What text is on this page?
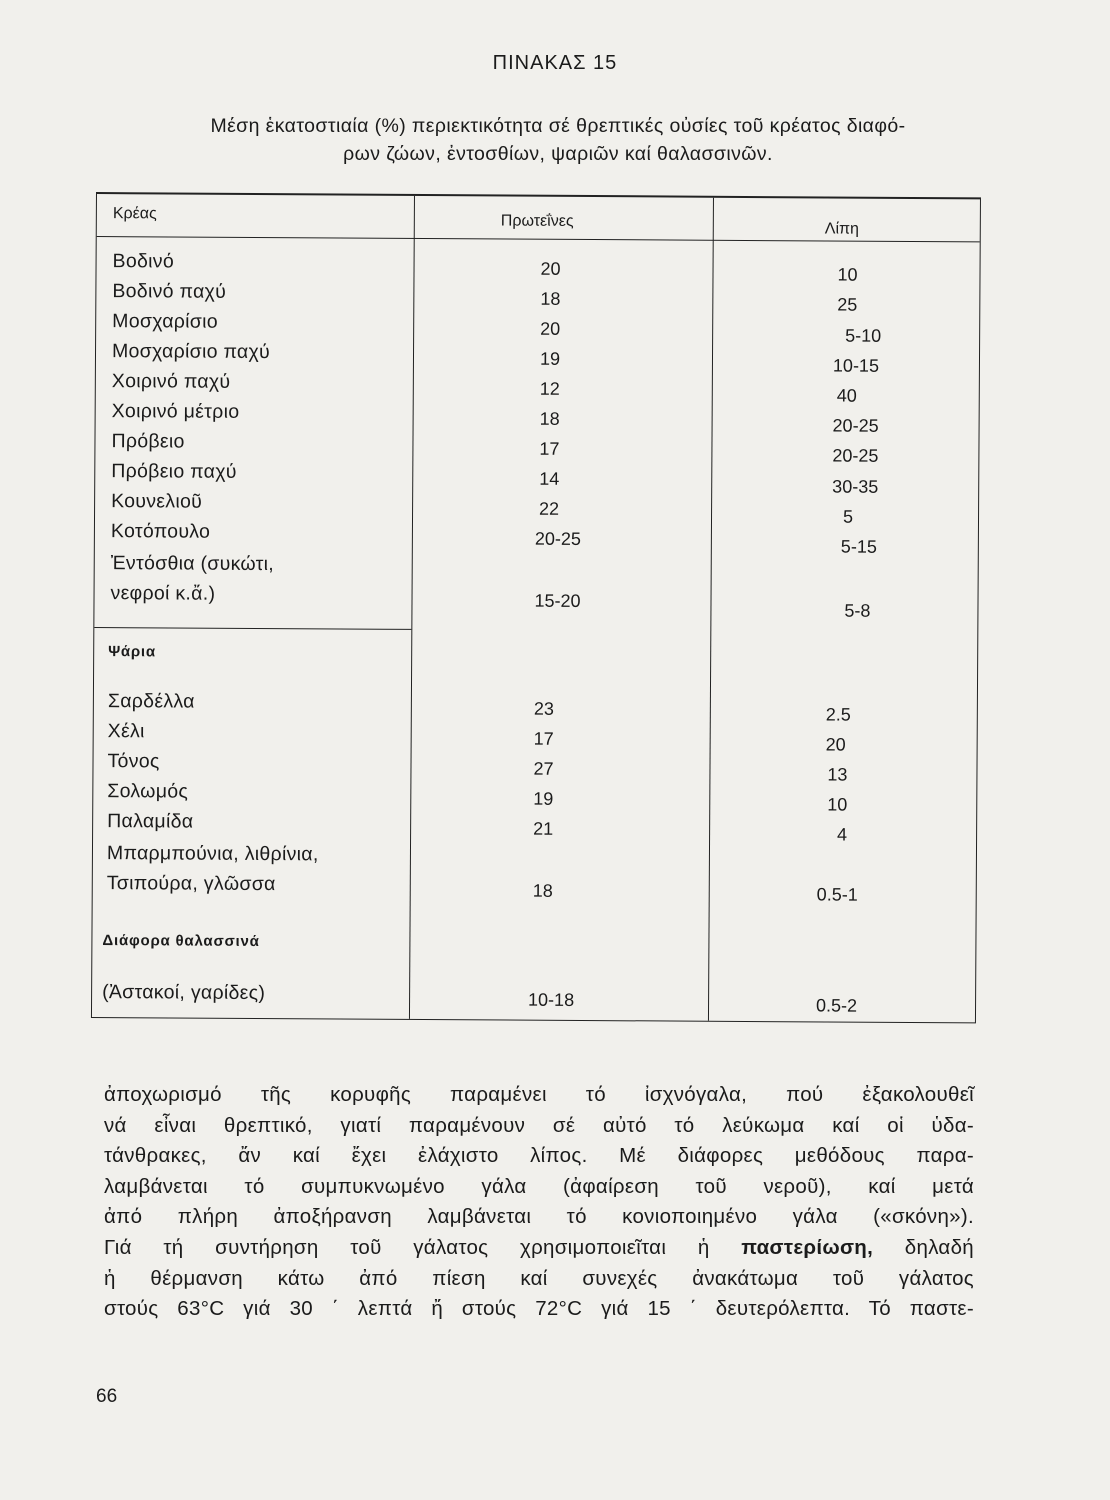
ΠΙΝΑΚΑΣ 15
Μέση ἑκατοστιαία (%) περιεκτικότητα σέ θρεπτικές οὐσίες τοῦ κρέατος διαφό-
ρων ζώων, ἐντοσθίων, ψαριῶν καί θαλασσινῶν.
Κρέας	Πρωτεΐνες	Λίπη
Βοδινό	20	10
Βοδινό παχύ	18	25
Μοσχαρίσιο	20	5-10
Μοσχαρίσιο παχύ	19	10-15
Χοιρινό παχύ	12	40
Χοιρινό μέτριο	18	20-25
Πρόβειο	17	20-25
Πρόβειο παχύ	14	30-35
Κουνελιοῦ	22	5
Κοτόπουλο	20-25	5-15
Ἐντόσθια (συκώτι,
νεφροί κ.ἄ.)	15-20	5-8
Ψάρια
Σαρδέλλα	23	2.5
Χέλι	17	20
Τόνος	27	13
Σολωμός	19	10
Παλαμίδα	21	4
Μπαρμπούνια, λιθρίνια,
Τσιπούρα, γλῶσσα	18	0.5-1
Διάφορα θαλασσινά
(Ἀστακοί, γαρίδες)	10-18	0.5-2
ἀποχωρισμό τῆς κορυφῆς παραμένει τό ἰσχνόγαλα, πού ἐξακολουθεῖ
νά εἶναι θρεπτικό, γιατί παραμένουν σέ αὐτό τό λεύκωμα καί οἱ ὑδα-
τάνθρακες, ἄν καί ἔχει ἐλάχιστο λίπος. Μέ διάφορες μεθόδους παρα-
λαμβάνεται τό συμπυκνωμένο γάλα (ἀφαίρεση τοῦ νεροῦ), καί μετά
ἀπό πλήρη ἀποξήρανση λαμβάνεται τό κονιοποιημένο γάλα («σκόνη»).
Γιά τή συντήρηση τοῦ γάλατος χρησιμοποιεῖται ἡ παστερίωση, δηλαδή
ἡ θέρμανση κάτω ἀπό πίεση καί συνεχές ἀνακάτωμα τοῦ γάλατος
στούς 63°C γιά 30 ΄ λεπτά ἤ στούς 72°C γιά 15 ΄ δευτερόλεπτα. Τό παστε-
66
